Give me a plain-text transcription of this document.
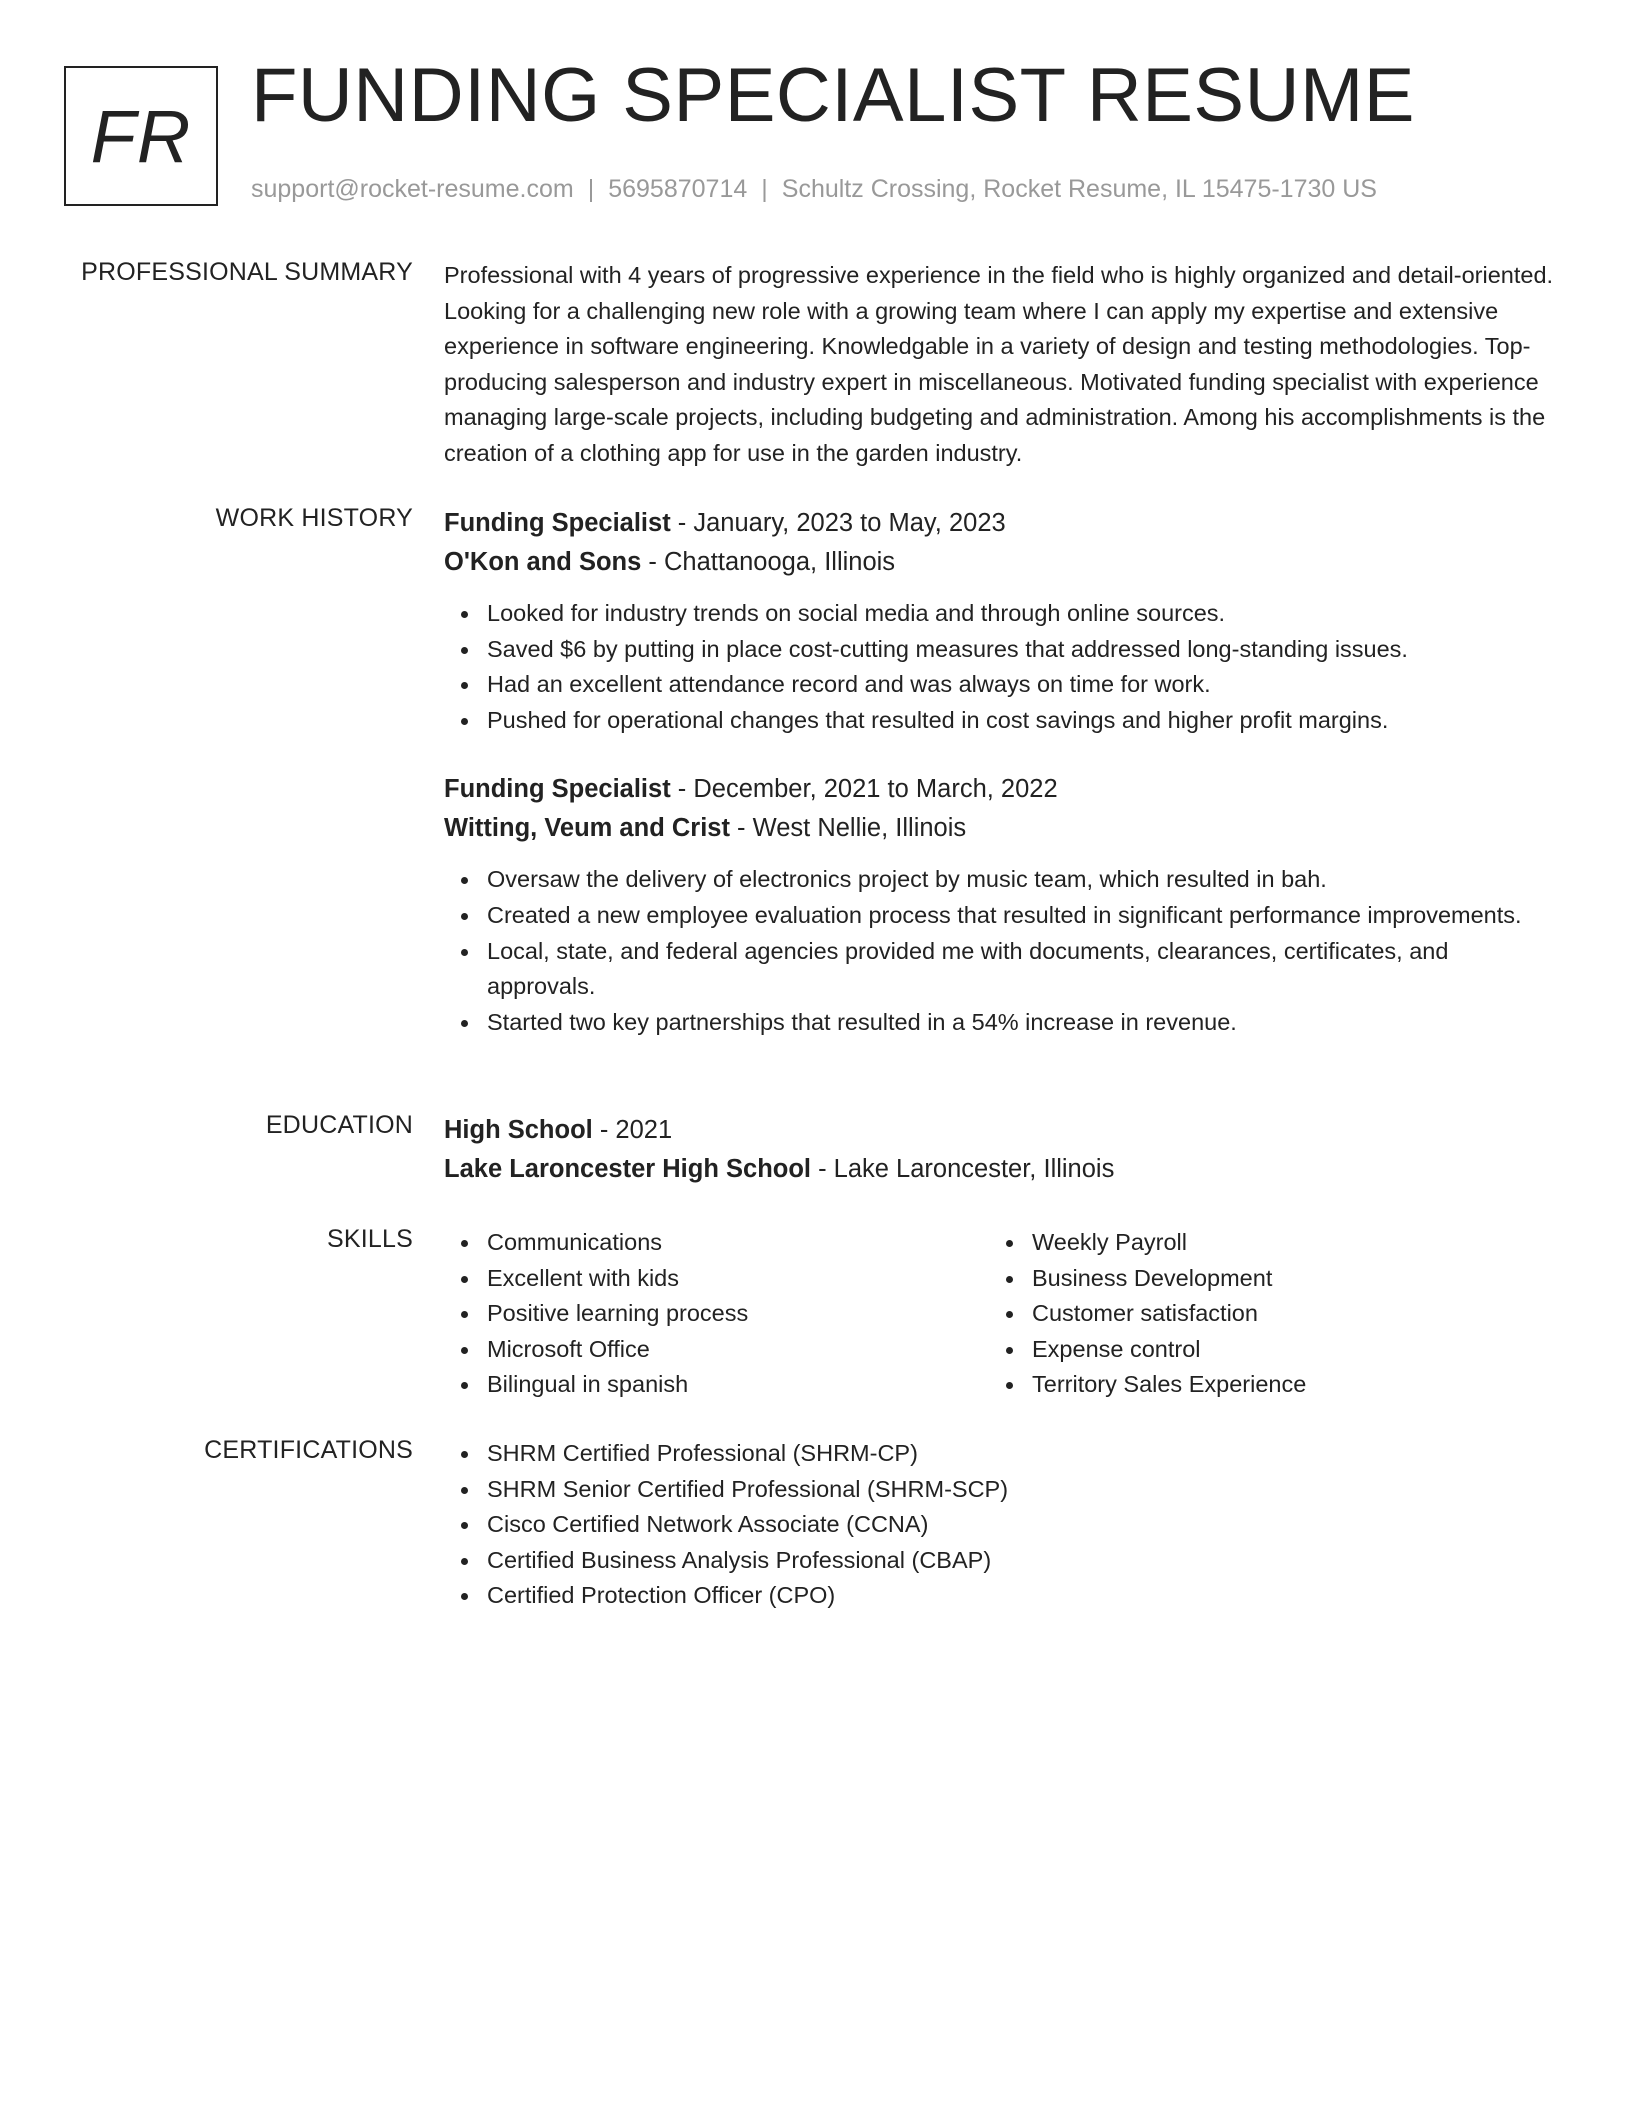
FR FUNDING SPECIALIST RESUME
support@rocket-resume.com | 5695870714 | Schultz Crossing, Rocket Resume, IL 15475-1730 US
PROFESSIONAL SUMMARY Professional with 4 years of progressive experience in the field who is highly organized and detail-oriented. Looking for a challenging new role with a growing team where I can apply my expertise and extensive experience in software engineering. Knowledgable in a variety of design and testing methodologies. Top-producing salesperson and industry expert in miscellaneous. Motivated funding specialist with experience managing large-scale projects, including budgeting and administration. Among his accomplishments is the creation of a clothing app for use in the garden industry.

WORK HISTORY Funding Specialist - January, 2023 to May, 2023
O'Kon and Sons - Chattanooga, Illinois
Looked for industry trends on social media and through online sources.
Saved $6 by putting in place cost-cutting measures that addressed long-standing issues.
Had an excellent attendance record and was always on time for work.
Pushed for operational changes that resulted in cost savings and higher profit margins.
Funding Specialist - December, 2021 to March, 2022
Witting, Veum and Crist - West Nellie, Illinois
Oversaw the delivery of electronics project by music team, which resulted in bah.
Created a new employee evaluation process that resulted in significant performance improvements.
Local, state, and federal agencies provided me with documents, clearances, certificates, and approvals.
Started two key partnerships that resulted in a 54% increase in revenue.
EDUCATION High School - 2021
Lake Laroncester High School - Lake Laroncester, Illinois
SKILLS	Communications
Excellent with kids
Positive learning process
Microsoft Office
Bilingual in spanish
Weekly Payroll
Business Development
Customer satisfaction
Expense control
Territory Sales Experience
CERTIFICATIONS	SHRM Certified Professional (SHRM-CP)
SHRM Senior Certified Professional (SHRM-SCP)
Cisco Certified Network Associate (CCNA)
Certified Business Analysis Professional (CBAP)
Certified Protection Officer (CPO)
